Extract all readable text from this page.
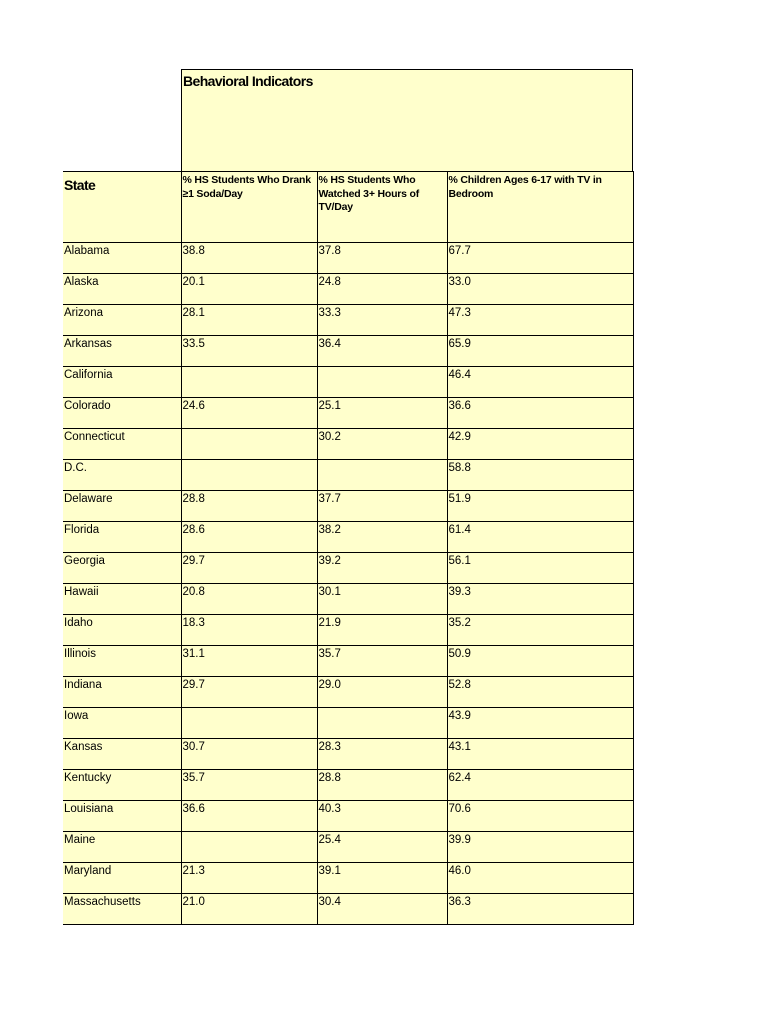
Behavioral Indicators
State	% HS Students Who Drank ≥1 Soda/Day	% HS Students Who Watched 3+ Hours of TV/Day	% Children Ages 6-17 with TV in Bedroom
Alabama	38.8	37.8	67.7
Alaska	20.1	24.8	33.0
Arizona	28.1	33.3	47.3
Arkansas	33.5	36.4	65.9
California			46.4
Colorado	24.6	25.1	36.6
Connecticut		30.2	42.9
D.C.			58.8
Delaware	28.8	37.7	51.9
Florida	28.6	38.2	61.4
Georgia	29.7	39.2	56.1
Hawaii	20.8	30.1	39.3
Idaho	18.3	21.9	35.2
Illinois	31.1	35.7	50.9
Indiana	29.7	29.0	52.8
Iowa			43.9
Kansas	30.7	28.3	43.1
Kentucky	35.7	28.8	62.4
Louisiana	36.6	40.3	70.6
Maine		25.4	39.9
Maryland	21.3	39.1	46.0
Massachusetts	21.0	30.4	36.3
